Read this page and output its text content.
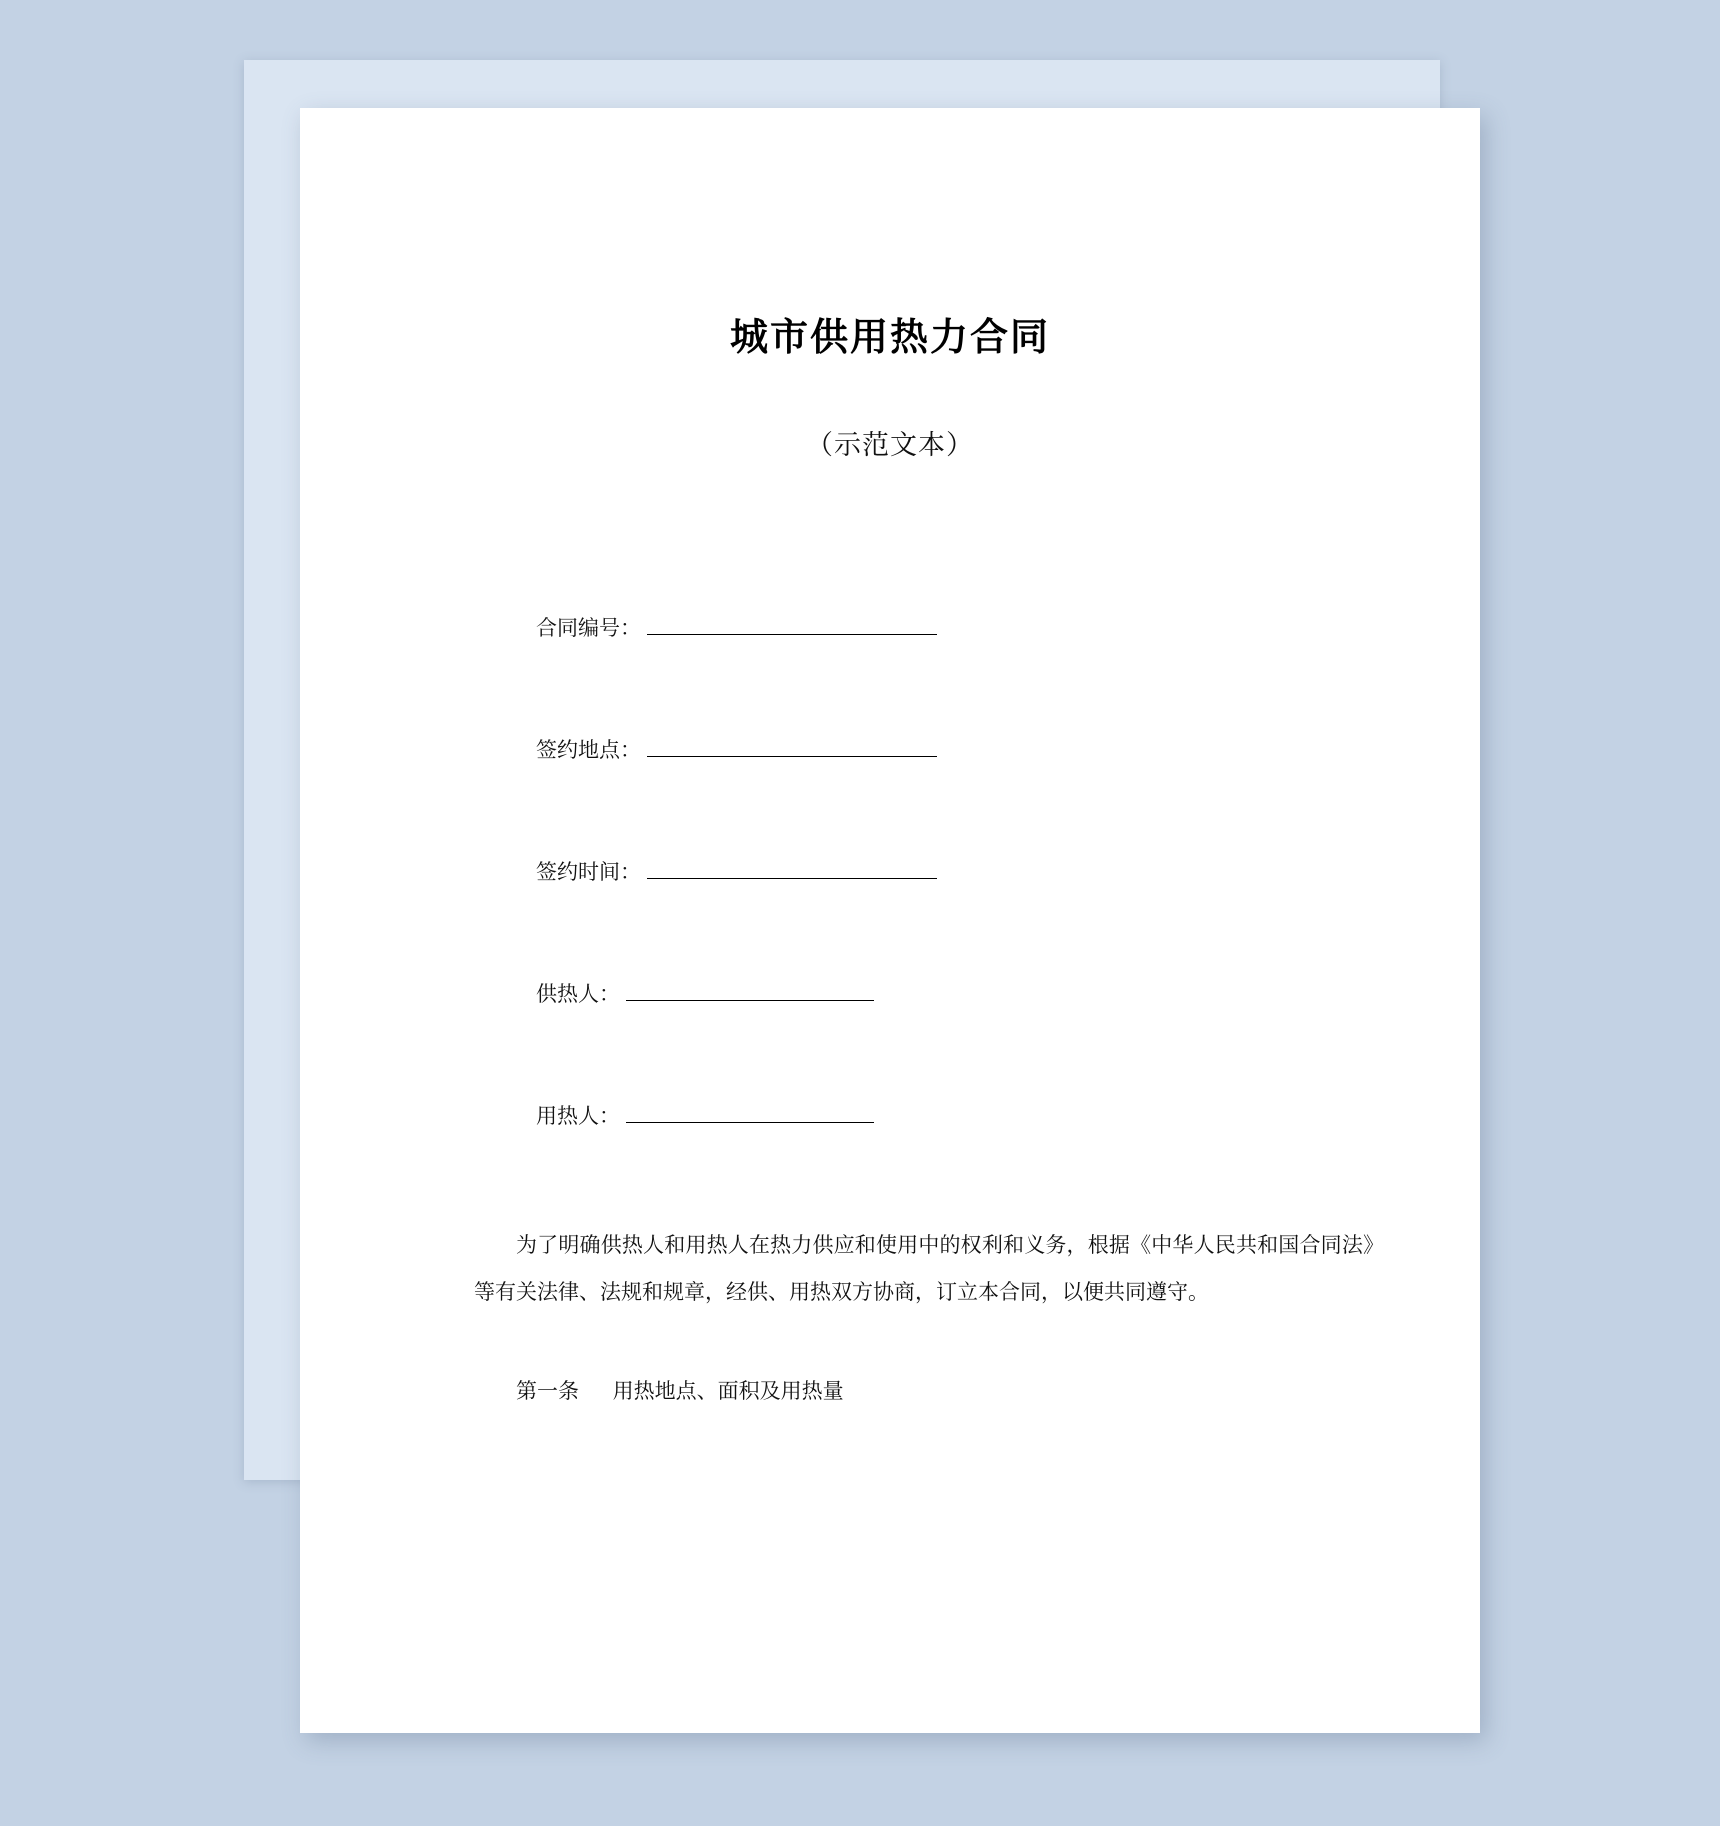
城市供用热力合同
（示范文本）
合同编号：
签约地点：
签约时间：
供热人：
用热人：
为了明确供热人和用热人在热力供应和使用中的权利和义务，根据《中华人民共和国合同法》等有关法律、法规和规章，经供、用热双方协商，订立本合同，以便共同遵守。
第一条 用热地点、面积及用热量
